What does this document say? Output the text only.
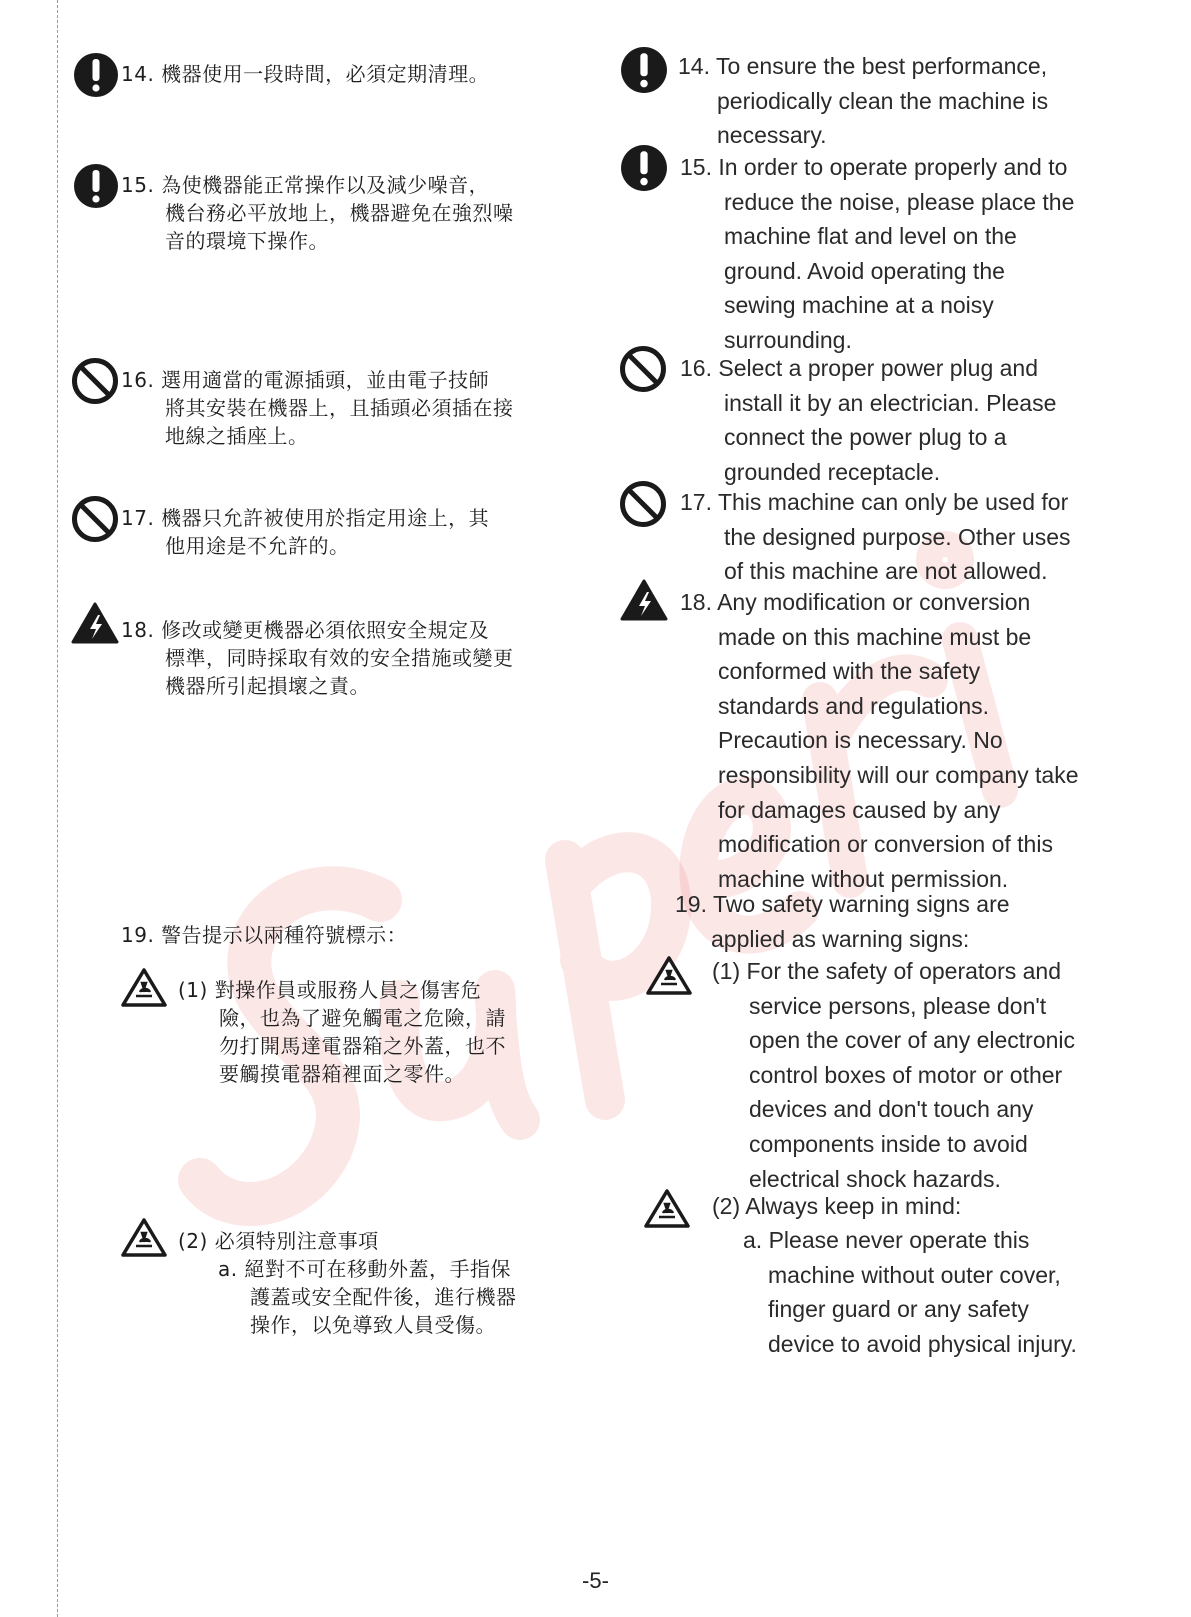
14. 機器使用一段時間，必須定期清理。
15. 為使機器能正常操作以及減少噪音，
機台務必平放地上，機器避免在強烈噪
音的環境下操作。
16. 選用適當的電源插頭，並由電子技師
將其安裝在機器上，且插頭必須插在接
地線之插座上。
17. 機器只允許被使用於指定用途上，其
他用途是不允許的。
18. 修改或變更機器必須依照安全規定及
標準，同時採取有效的安全措施或變更
機器所引起損壞之責。
19. 警告提示以兩種符號標示：
(1) 對操作員或服務人員之傷害危
險，也為了避免觸電之危險，請
勿打開馬達電器箱之外蓋，也不
要觸摸電器箱裡面之零件。
(2) 必須特別注意事項
a. 絕對不可在移動外蓋，手指保
護蓋或安全配件後，進行機器
操作，以免導致人員受傷。
14. To ensure the best performance,
periodically clean the machine is
necessary.
15. In order to operate properly and to
reduce the noise, please place the
machine flat and level on the
ground. Avoid operating the
sewing machine at a noisy
surrounding.
16. Select a proper power plug and
install it by an electrician. Please
connect the power plug to a
grounded receptacle.
17. This machine can only be used for
the designed purpose. Other uses
of this machine are not allowed.
18. Any modification or conversion
made on this machine must be
conformed with the safety
standards and regulations.
Precaution is necessary. No
responsibility will our company take
for damages caused by any
modification or conversion of this
machine without permission.
19. Two safety warning signs are
applied as warning signs:
(1) For the safety of operators and
service persons, please don't
open the cover of any electronic
control boxes of motor or other
devices and don't touch any
components inside to avoid
electrical shock hazards.
(2) Always keep in mind:
a. Please never operate this
machine without outer cover,
finger guard or any safety
device to avoid physical injury.
-5-
